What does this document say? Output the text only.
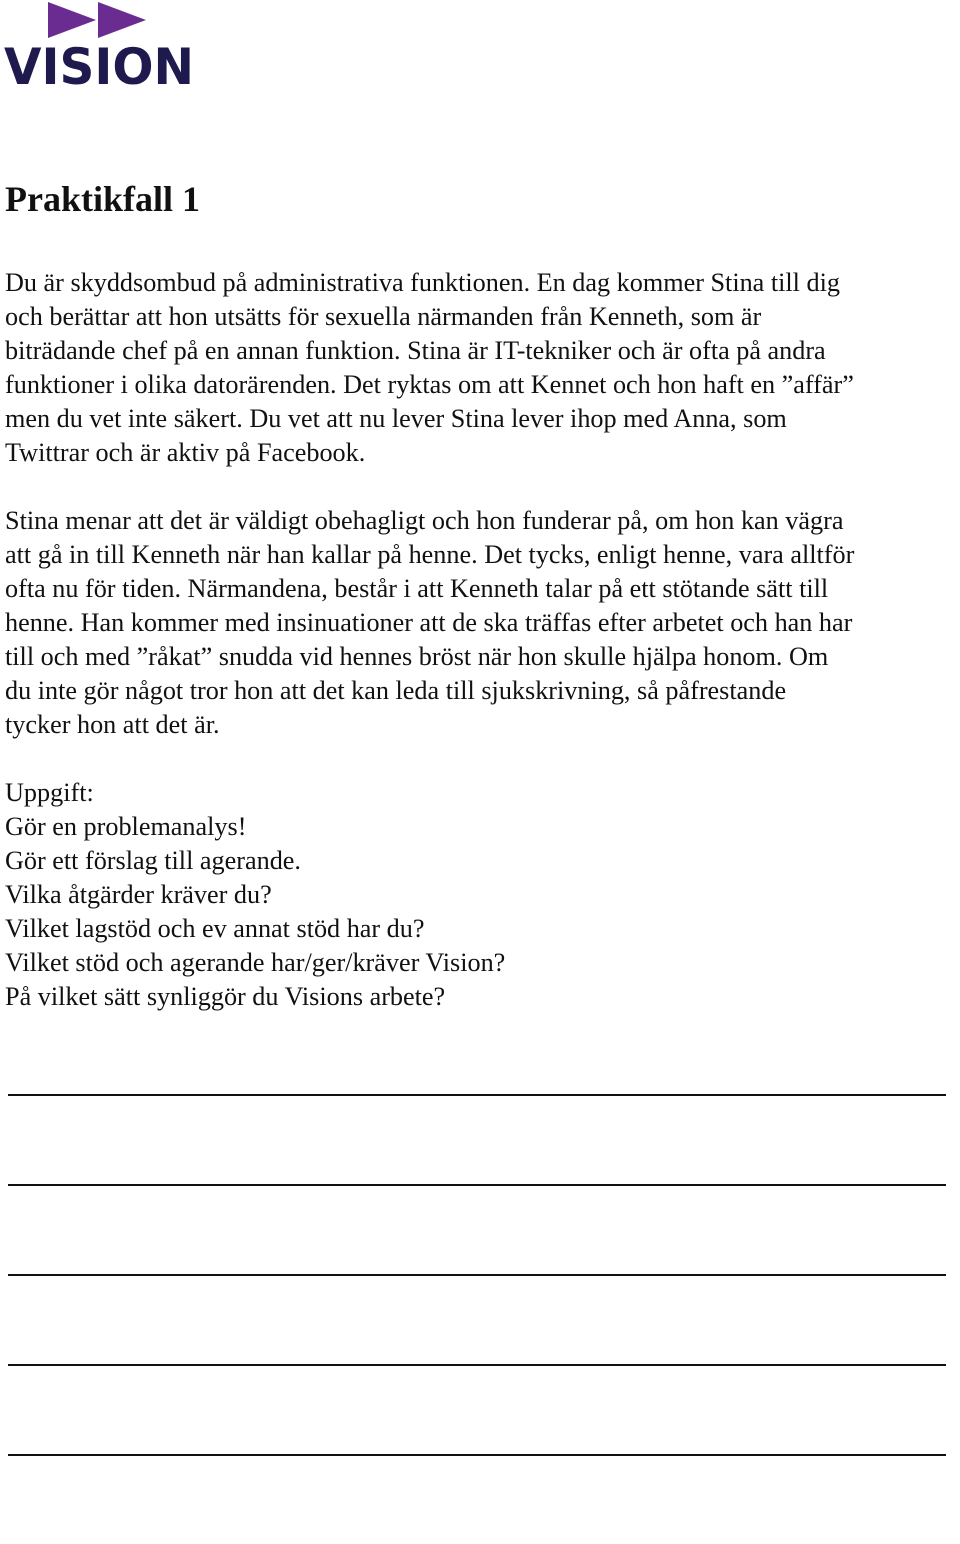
VISION
Praktikfall 1

Du är skyddsombud på administrativa funktionen. En dag kommer Stina till dig
och berättar att hon utsätts för sexuella närmanden från Kenneth, som är
biträdande chef på en annan funktion. Stina är IT-tekniker och är ofta på andra
funktioner i olika datorärenden. Det ryktas om att Kennet och hon haft en ”affär”
men du vet inte säkert. Du vet att nu lever Stina lever ihop med Anna, som
Twittrar och är aktiv på Facebook.

Stina menar att det är väldigt obehagligt och hon funderar på, om hon kan vägra
att gå in till Kenneth när han kallar på henne. Det tycks, enligt henne, vara alltför
ofta nu för tiden. Närmandena, består i att Kenneth talar på ett stötande sätt till
henne. Han kommer med insinuationer att de ska träffas efter arbetet och han har
till och med ”råkat” snudda vid hennes bröst när hon skulle hjälpa honom. Om
du inte gör något tror hon att det kan leda till sjukskrivning, så påfrestande
tycker hon att det är.

Uppgift:

Gör en problemanalys!

Gör ett förslag till agerande.

Vilka åtgärder kräver du?

Vilket lagstöd och ev annat stöd har du?

Vilket stöd och agerande har/ger/kräver Vision?

På vilket sätt synliggör du Visions arbete?
